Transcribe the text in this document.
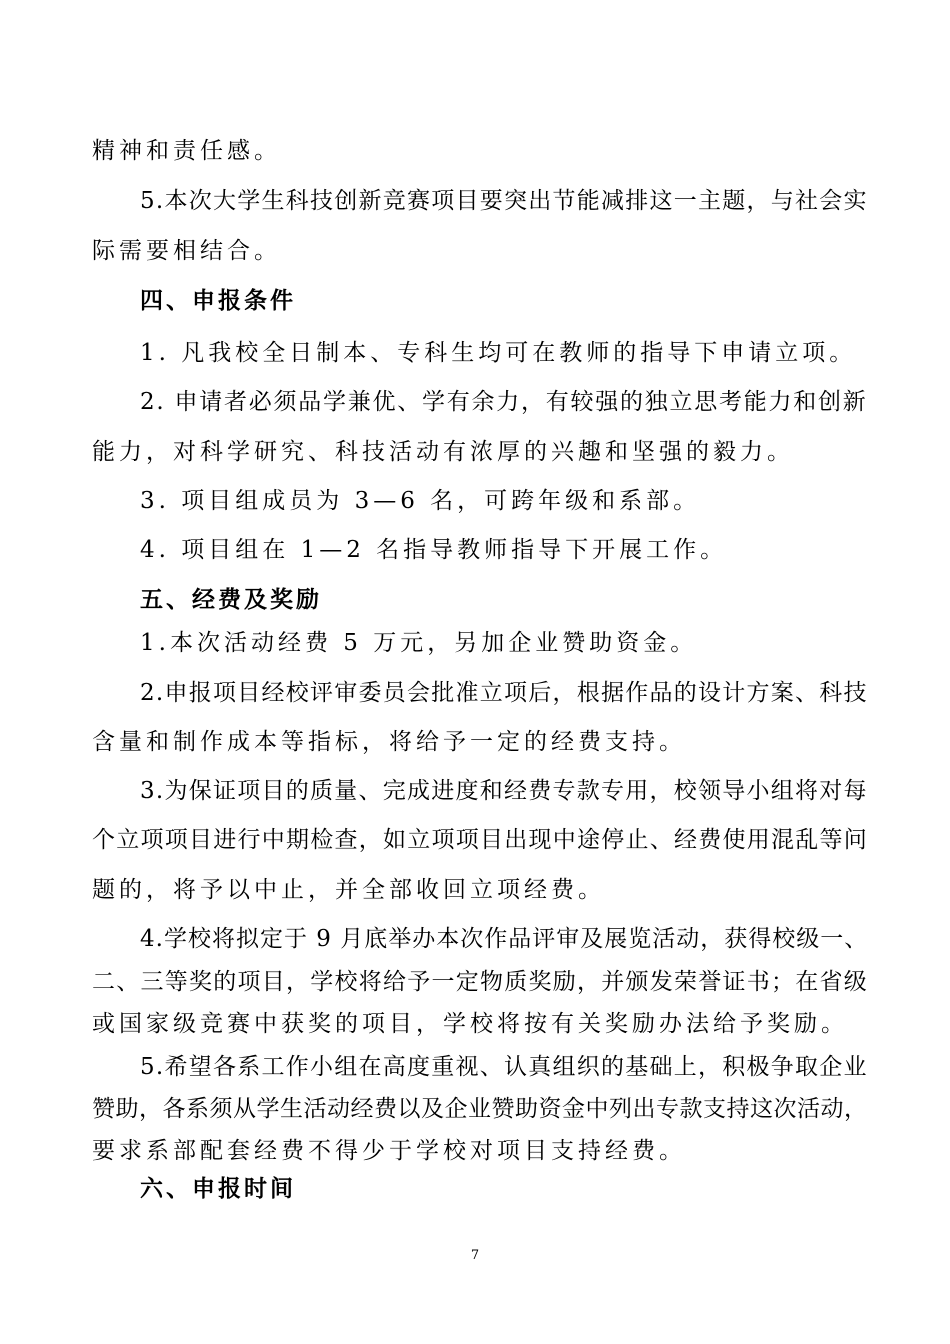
精神和责任感。
5.本次大学生科技创新竞赛项目要突出节能减排这一主题，与社会实
际需要相结合。
四、申报条件
1. 凡我校全日制本、专科生均可在教师的指导下申请立项。
2. 申请者必须品学兼优、学有余力，有较强的独立思考能力和创新
能力，对科学研究、科技活动有浓厚的兴趣和坚强的毅力。
3. 项目组成员为 3—6 名，可跨年级和系部。
4. 项目组在 1—2 名指导教师指导下开展工作。
五、经费及奖励
1.本次活动经费 5 万元，另加企业赞助资金。
2.申报项目经校评审委员会批准立项后，根据作品的设计方案、科技
含量和制作成本等指标，将给予一定的经费支持。
3.为保证项目的质量、完成进度和经费专款专用，校领导小组将对每
个立项项目进行中期检查，如立项项目出现中途停止、经费使用混乱等问
题的，将予以中止，并全部收回立项经费。
4.学校将拟定于 9 月底举办本次作品评审及展览活动，获得校级一、
二、三等奖的项目，学校将给予一定物质奖励，并颁发荣誉证书；在省级
或国家级竞赛中获奖的项目，学校将按有关奖励办法给予奖励。
5.希望各系工作小组在高度重视、认真组织的基础上，积极争取企业
赞助，各系须从学生活动经费以及企业赞助资金中列出专款支持这次活动，
要求系部配套经费不得少于学校对项目支持经费。
六、申报时间
7
